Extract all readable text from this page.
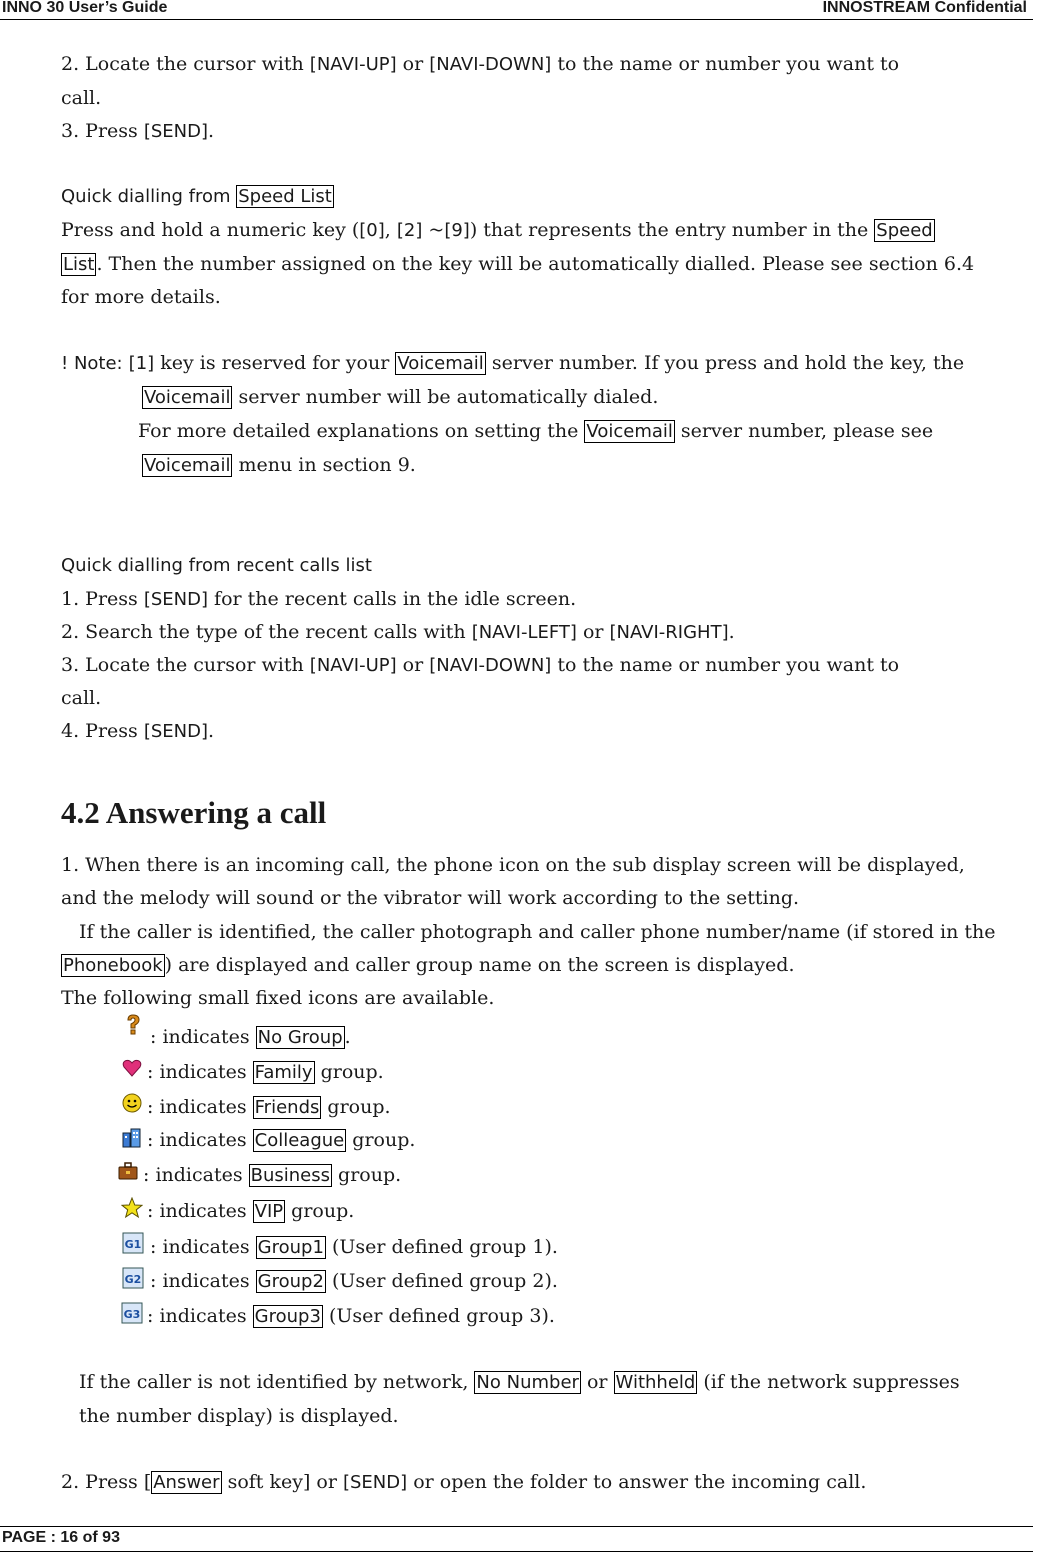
INNO 30 User’s Guide	INNOSTREAM Confidential
2. Locate the cursor with [NAVI-UP] or [NAVI-DOWN] to the name or number you want to
call.
3. Press [SEND].
Quick dialling from Speed List
Press and hold a numeric key ([0], [2] ~[9]) that represents the entry number in the Speed
List . Then the number assigned on the key will be automatically dialled. Please see section 6.4
for more details.
! Note: [1] key is reserved for your Voicemail server number. If you press and hold the key, the
Voicemail server number will be automatically dialed.
For more detailed explanations on setting the Voicemail server number, please see
Voicemail menu in section 9.
Quick dialling from recent calls list
1. Press [SEND] for the recent calls in the idle screen.
2. Search the type of the recent calls with [NAVI-LEFT] or [NAVI-RIGHT].
3. Locate the cursor with [NAVI-UP] or [NAVI-DOWN] to the name or number you want to
call.
4. Press [SEND].
4.2 Answering a call
1. When there is an incoming call, the phone icon on the sub display screen will be displayed,
and the melody will sound or the vibrator will work according to the setting.
If the caller is identified, the caller photograph and caller phone number/name (if stored in the
Phonebook ) are displayed and caller group name on the screen is displayed.
The following small fixed icons are available.
: indicates No Group .
: indicates Family group.
: indicates Friends group.
: indicates Colleague group.
: indicates Business group.
: indicates VIP group.
G1 : indicates Group1 (User defined group 1).
G2 : indicates Group2 (User defined group 2).
G3 : indicates Group3 (User defined group 3).
If the caller is not identified by network, No Number or Withheld (if the network suppresses
the number display) is displayed.
2. Press [ Answer soft key] or [SEND] or open the folder to answer the incoming call.
PAGE : 16 of 93
